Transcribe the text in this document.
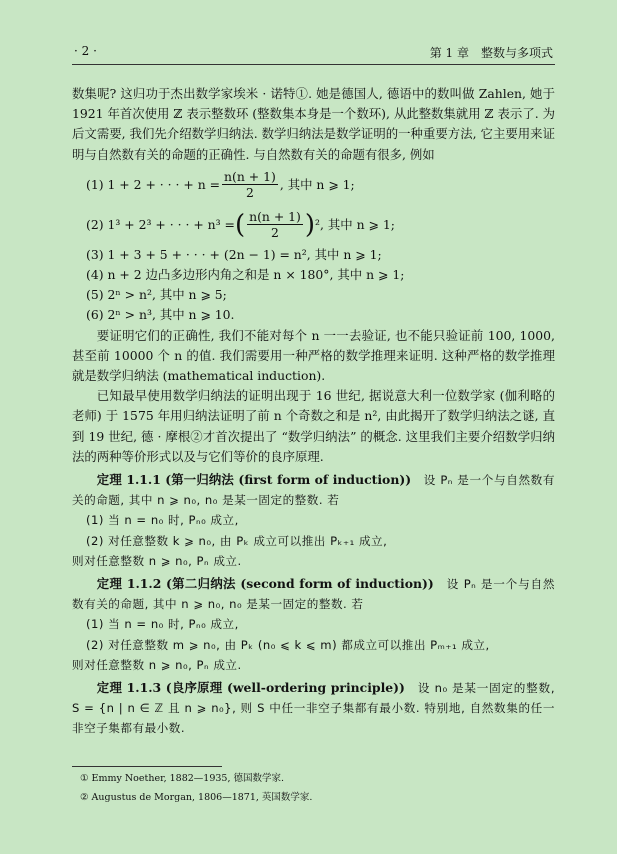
· 2 ·	第 1 章　整数与多项式

数集呢? 这归功于杰出数学家埃米 · 诺特①. 她是德国人, 德语中的数叫做 Zahlen, 她于 1921 年首次使用 ℤ 表示整数环 (整数集本身是一个数环), 从此整数集就用 ℤ 表示了. 为后文需要, 我们先介绍数学归纳法. 数学归纳法是数学证明的一种重要方法, 它主要用来证明与自然数有关的命题的正确性. 与自然数有关的命题有很多, 例如

(1) 1 + 2 + · · · + $n = \frac{n(n + 1)}{2}$ , 其中 n ⩾ 1;
(2) 1³ + 2³ + · · · + n³ = ( $\frac{n(n + 1)}{2}$ ) ², 其中 n ⩾ 1;

(3) 1 + 3 + 5 + · · · + (2n − 1) = n², 其中 n ⩾ 1;

(4) n + 2 边凸多边形内角之和是 n × 180°, 其中 n ⩾ 1;

(5) 2ⁿ > n², 其中 n ⩾ 5;

(6) 2ⁿ > n³, 其中 n ⩾ 10.

要证明它们的正确性, 我们不能对每个 n 一一去验证, 也不能只验证前 100, 1000, 甚至前 10000 个 n 的值. 我们需要用一种严格的数学推理来证明. 这种严格的数学推理就是数学归纳法 (mathematical induction).

已知最早使用数学归纳法的证明出现于 16 世纪, 据说意大利一位数学家 (伽利略的老师) 于 1575 年用归纳法证明了前 n 个奇数之和是 n², 由此揭开了数学归纳法之谜, 直到 19 世纪, 德 · 摩根②才首次提出了 “数学归纳法” 的概念. 这里我们主要介绍数学归纳法的两种等价形式以及与它们等价的良序原理.

定理 1.1.1 (第一归纳法 (first form of induction))　 设 Pₙ 是一个与自然数有关的命题, 其中 n ⩾ n₀, n₀ 是某一固定的整数. 若

(1) 当 n = n₀ 时, Pₙ₀ 成立,

(2) 对任意整数 k ⩾ n₀, 由 Pₖ 成立可以推出 Pₖ₊₁ 成立,

则对任意整数 n ⩾ n₀, Pₙ 成立.

定理 1.1.2 (第二归纳法 (second form of induction))　 设 Pₙ 是一个与自然数有关的命题, 其中 n ⩾ n₀, n₀ 是某一固定的整数. 若

(1) 当 n = n₀ 时, Pₙ₀ 成立,

(2) 对任意整数 m ⩾ n₀, 由 Pₖ (n₀ ⩽ k ⩽ m) 都成立可以推出 Pₘ₊₁ 成立,

则对任意整数 n ⩾ n₀, Pₙ 成立.

定理 1.1.3 (良序原理 (well-ordering principle))　 设 n₀ 是某一固定的整数, S = {n | n ∈ ℤ 且 n ⩾ n₀}, 则 S 中任一非空子集都有最小数. 特别地, 自然数集的任一非空子集都有最小数.

① Emmy Noether, 1882—1935, 德国数学家.
② Augustus de Morgan, 1806—1871, 英国数学家.
